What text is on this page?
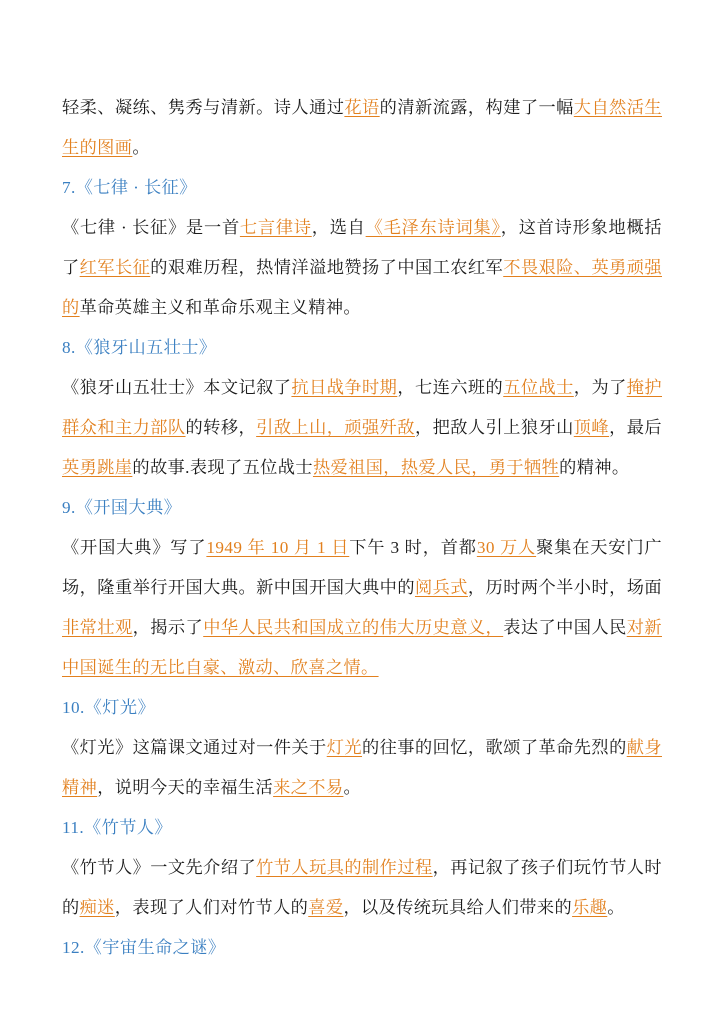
轻柔、凝练、隽秀与清新。诗人通过花语的清新流露，构建了一幅大自然活生生的图画。
7.《七律 · 长征》
《七律 · 长征》是一首七言律诗，选自《毛泽东诗词集》，这首诗形象地概括了红军长征的艰难历程，热情洋溢地赞扬了中国工农红军不畏艰险、英勇顽强的革命英雄主义和革命乐观主义精神。
8.《狼牙山五壮士》
《狼牙山五壮士》本文记叙了抗日战争时期，七连六班的五位战士，为了掩护群众和主力部队的转移，引敌上山，顽强歼敌，把敌人引上狼牙山顶峰，最后英勇跳崖的故事.表现了五位战士热爱祖国，热爱人民，勇于牺牲的精神。
9.《开国大典》
《开国大典》写了1949 年 10 月 1 日下午 3 时，首都30 万人聚集在天安门广场，隆重举行开国大典。新中国开国大典中的阅兵式，历时两个半小时，场面非常壮观，揭示了中华人民共和国成立的伟大历史意义，表达了中国人民对新中国诞生的无比自豪、激动、欣喜之情。
10.《灯光》
《灯光》这篇课文通过对一件关于灯光的往事的回忆，歌颂了革命先烈的献身精神，说明今天的幸福生活来之不易。
11.《竹节人》
《竹节人》一文先介绍了竹节人玩具的制作过程，再记叙了孩子们玩竹节人时的痴迷，表现了人们对竹节人的喜爱，以及传统玩具给人们带来的乐趣。
12.《宇宙生命之谜》
